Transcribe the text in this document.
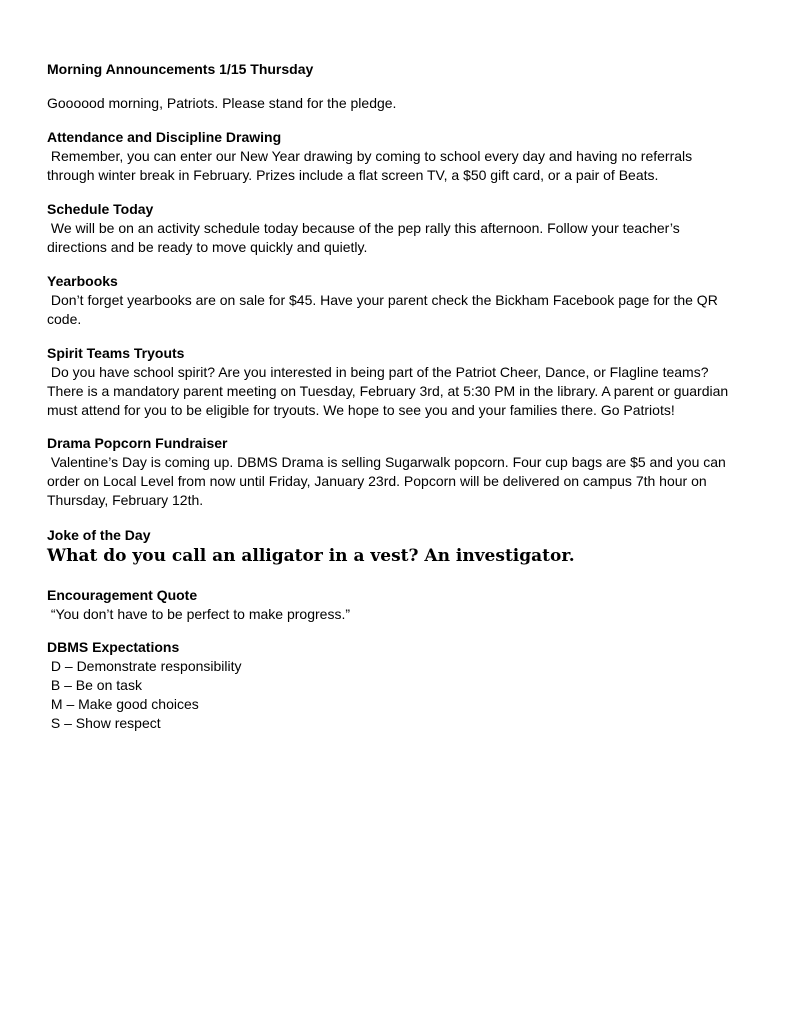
Morning Announcements 1/15 Thursday
Goooood morning, Patriots. Please stand for the pledge.
Attendance and Discipline Drawing
Remember, you can enter our New Year drawing by coming to school every day and having no referrals
through winter break in February. Prizes include a flat screen TV, a $50 gift card, or a pair of Beats.
Schedule Today
We will be on an activity schedule today because of the pep rally this afternoon. Follow your teacher’s
directions and be ready to move quickly and quietly.
Yearbooks
Don’t forget yearbooks are on sale for $45. Have your parent check the Bickham Facebook page for the QR
code.
Spirit Teams Tryouts
Do you have school spirit? Are you interested in being part of the Patriot Cheer, Dance, or Flagline teams?
There is a mandatory parent meeting on Tuesday, February 3rd, at 5:30 PM in the library. A parent or guardian
must attend for you to be eligible for tryouts. We hope to see you and your families there. Go Patriots!
Drama Popcorn Fundraiser
Valentine’s Day is coming up. DBMS Drama is selling Sugarwalk popcorn. Four cup bags are $5 and you can
order on Local Level from now until Friday, January 23rd. Popcorn will be delivered on campus 7th hour on
Thursday, February 12th.
Joke of the Day
What do you call an alligator in a vest? An investigator.
Encouragement Quote
“You don’t have to be perfect to make progress.”
DBMS Expectations
D – Demonstrate responsibility
B – Be on task
M – Make good choices
S – Show respect
